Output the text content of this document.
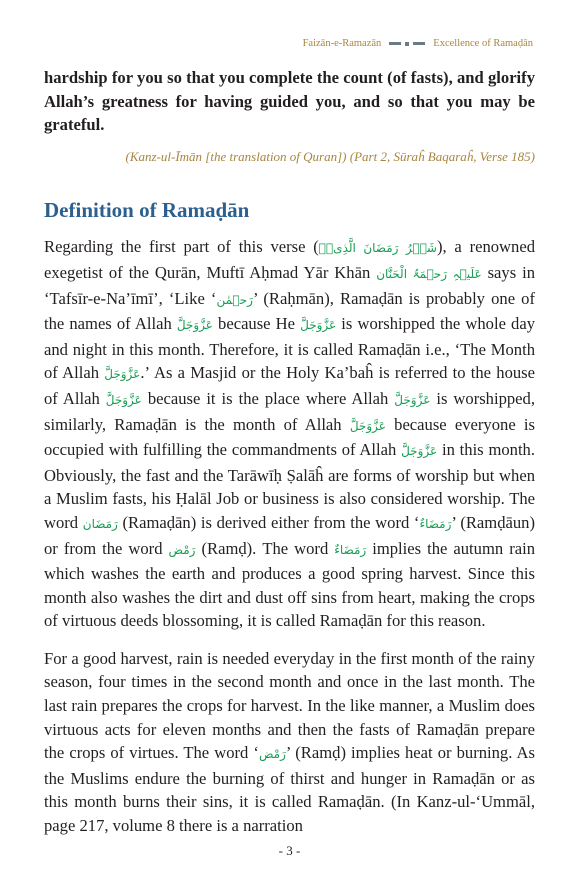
Faizān-e-Ramazān	Excellence of Ramaḍān

hardship for you so that you complete the count (of fasts), and glorify Allah’s greatness for having guided you, and so that you may be grateful.

(Kanz-ul-Īmān [the translation of Quran]) (Part 2, Sūraĥ Baqaraĥ, Verse 185)

Definition of Ramaḍān

Regarding the first part of this verse (شَہۡرُ رَمَضَانَ الَّذِیۡۤ), a renowned exegetist of the Qurān, Muftī Aḥmad Yār Khān عَلَیۡہِ رَحۡمَۃُ الْحَنَّان says in ‘Tafsīr-e-Na’īmī’, ‘Like ‘رَحۡمٰن’ (Raḥmān), Ramaḍān is probably one of the names of Allah عَزَّوَجَلَّ because He عَزَّوَجَلَّ is worshipped the whole day and night in this month. Therefore, it is called Ramaḍān i.e., ‘The Month of Allah عَزَّوَجَلَّ.’ As a Masjid or the Holy Ka’baĥ is referred to the house of Allah عَزَّوَجَلَّ because it is the place where Allah عَزَّوَجَلَّ is worshipped, similarly, Ramaḍān is the month of Allah عَزَّوَجَلَّ because everyone is occupied with fulfilling the commandments of Allah عَزَّوَجَلَّ in this month. Obviously, the fast and the Tarāwīḥ Ṣalāĥ are forms of worship but when a Muslim fasts, his Ḥalāl Job or business is also considered worship. The word رَمَضَان (Ramaḍān) is derived either from the word ‘رَمَضَاءٌ’ (Ramḍāun) or from the word رَمْض (Ramḍ). The word رَمَضَاءٌ implies the autumn rain which washes the earth and produces a good spring harvest. Since this month also washes the dirt and dust off sins from heart, making the crops of virtuous deeds blossoming, it is called Ramaḍān for this reason.

For a good harvest, rain is needed everyday in the first month of the rainy season, four times in the second month and once in the last month. The last rain prepares the crops for harvest. In the like manner, a Muslim does virtuous acts for eleven months and then the fasts of Ramaḍān prepare the crops of virtues. The word ‘رَمْض’ (Ramḍ) implies heat or burning. As the Muslims endure the burning of thirst and hunger in Ramaḍān or as this month burns their sins, it is called Ramaḍān. (In Kanz-ul-‘Ummāl, page 217, volume 8 there is a narration

- 3 -
